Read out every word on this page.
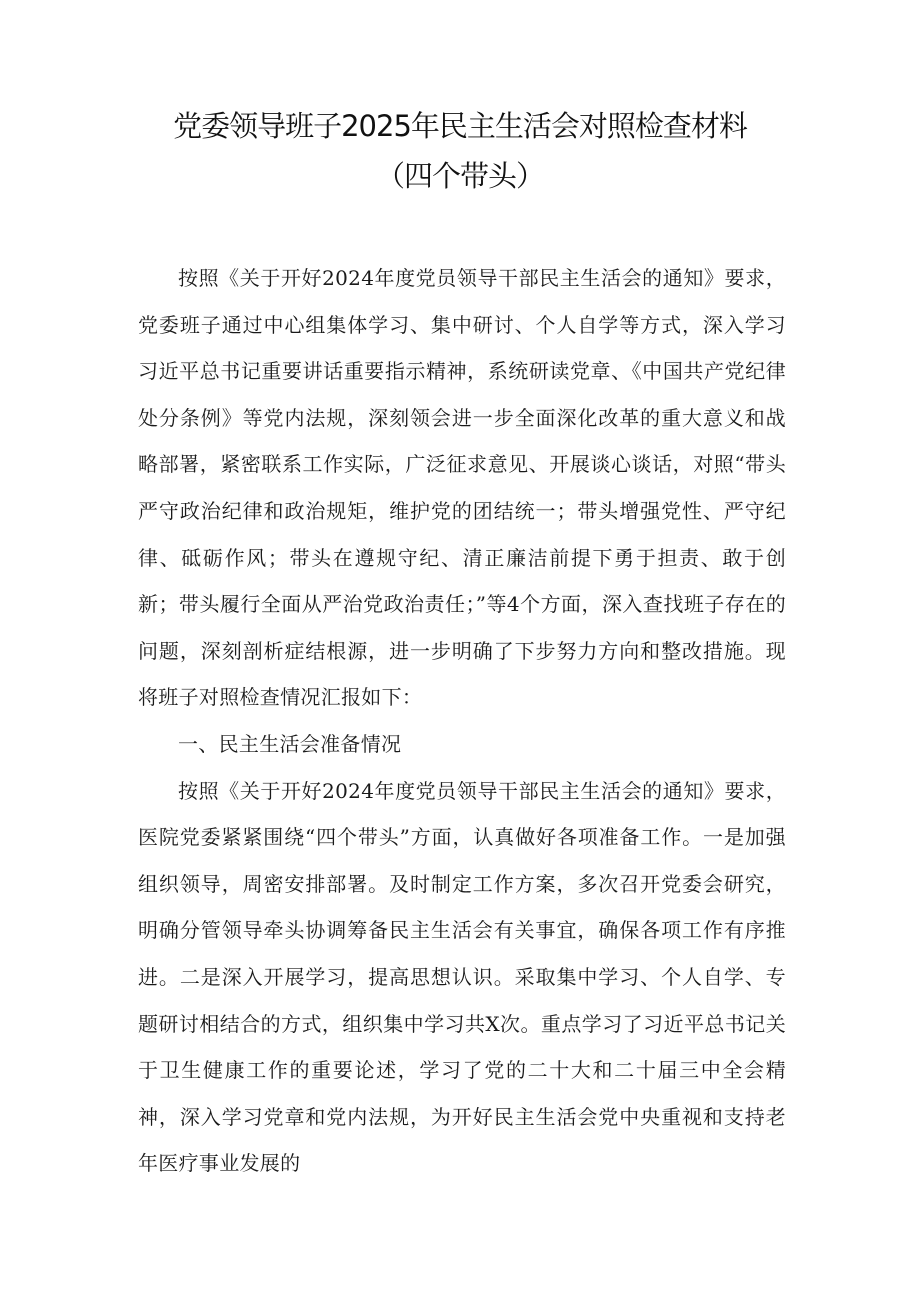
党委领导班子2025年民主生活会对照检查材料
（四个带头）

按照《关于开好2024年度党员领导干部民主生活会的通知》要求，党委班子通过中心组集体学习、集中研讨、个人自学等方式，深入学习习近平总书记重要讲话重要指示精神，系统研读党章、《中国共产党纪律处分条例》等党内法规，深刻领会进一步全面深化改革的重大意义和战略部署，紧密联系工作实际，广泛征求意见、开展谈心谈话，对照“带头严守政治纪律和政治规矩，维护党的团结统一；带头增强党性、严守纪律、砥砺作风；带头在遵规守纪、清正廉洁前提下勇于担责、敢于创新；带头履行全面从严治党政治责任；”等4个方面，深入查找班子存在的问题，深刻剖析症结根源，进一步明确了下步努力方向和整改措施。现将班子对照检查情况汇报如下：

一、民主生活会准备情况

按照《关于开好2024年度党员领导干部民主生活会的通知》要求，医院党委紧紧围绕“四个带头”方面，认真做好各项准备工作。一是加强组织领导，周密安排部署。及时制定工作方案，多次召开党委会研究，明确分管领导牵头协调筹备民主生活会有关事宜，确保各项工作有序推进。二是深入开展学习，提高思想认识。采取集中学习、个人自学、专题研讨相结合的方式，组织集中学习共X次。重点学习了习近平总书记关于卫生健康工作的重要论述，学习了党的二十大和二十届三中全会精神，深入学习党章和党内法规，为开好民主生活会党中央重视和支持老年医疗事业发展的
